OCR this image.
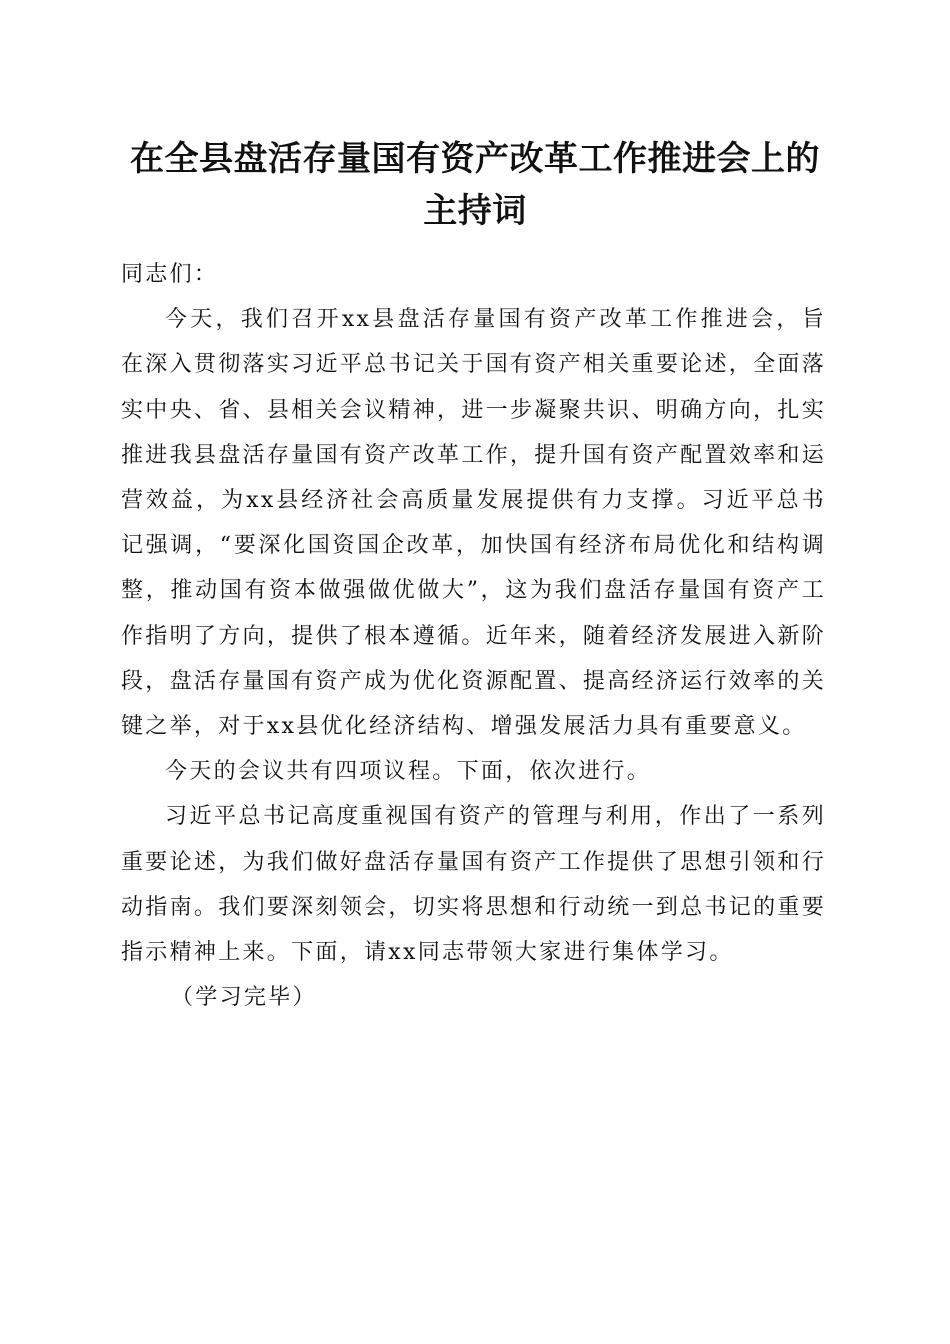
在全县盘活存量国有资产改革工作推进会上的
主持词

同志们：

今天，我们召开xx县盘活存量国有资产改革工作推进会，旨在深入贯彻落实习近平总书记关于国有资产相关重要论述，全面落实中央、省、县相关会议精神，进一步凝聚共识、明确方向，扎实推进我县盘活存量国有资产改革工作，提升国有资产配置效率和运营效益，为xx县经济社会高质量发展提供有力支撑。习近平总书记强调，“要深化国资国企改革，加快国有经济布局优化和结构调整，推动国有资本做强做优做大”，这为我们盘活存量国有资产工作指明了方向，提供了根本遵循。近年来，随着经济发展进入新阶段，盘活存量国有资产成为优化资源配置、提高经济运行效率的关键之举，对于xx县优化经济结构、增强发展活力具有重要意义。

今天的会议共有四项议程。下面，依次进行。

习近平总书记高度重视国有资产的管理与利用，作出了一系列重要论述，为我们做好盘活存量国有资产工作提供了思想引领和行动指南。我们要深刻领会，切实将思想和行动统一到总书记的重要指示精神上来。下面，请xx同志带领大家进行集体学习。

（学习完毕）
